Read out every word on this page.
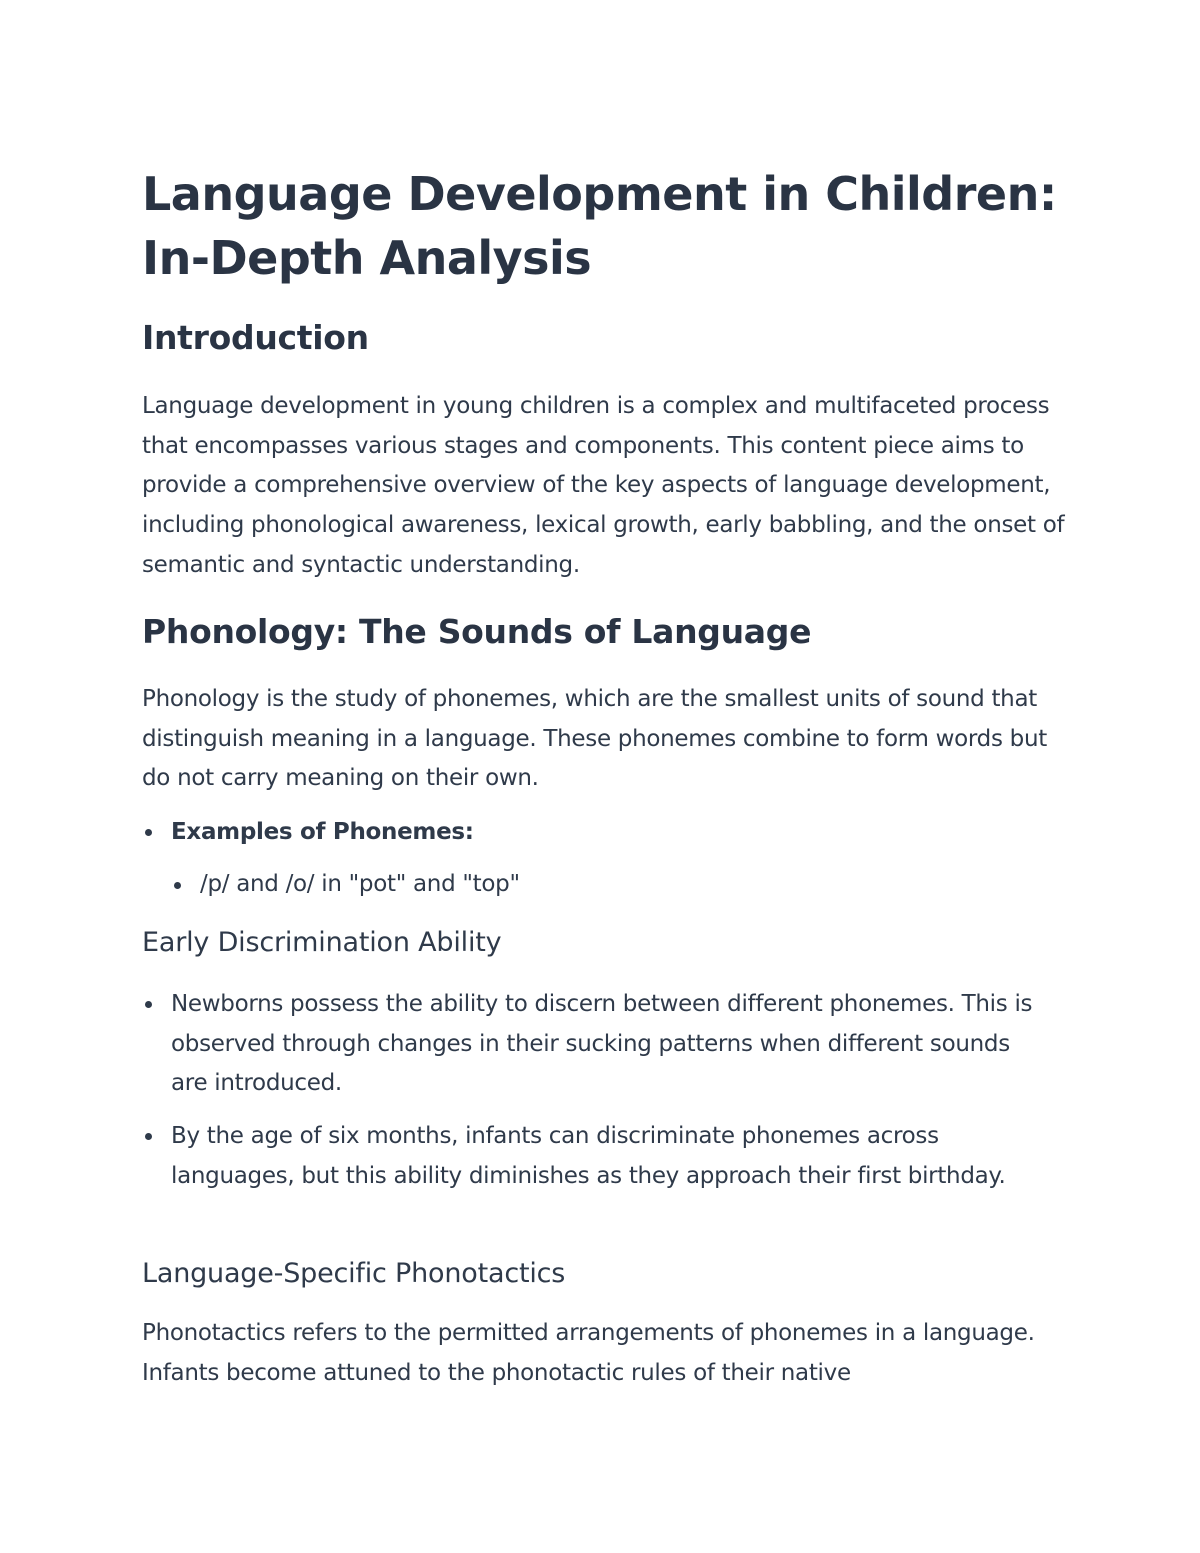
Language Development in Children: In-Depth Analysis
Introduction

Language development in young children is a complex and multifaceted process that encompasses various stages and components. This content piece aims to provide a comprehensive overview of the key aspects of language development, including phonological awareness, lexical growth, early babbling, and the onset of semantic and syntactic understanding.

Phonology: The Sounds of Language

Phonology is the study of phonemes, which are the smallest units of sound that distinguish meaning in a language. These phonemes combine to form words but do not carry meaning on their own.

Examples of Phonemes:

/p/ and /o/ in "pot" and "top"

Early Discrimination Ability

Newborns possess the ability to discern between different phonemes. This is observed through changes in their sucking patterns when different sounds are introduced.

By the age of six months, infants can discriminate phonemes across languages, but this ability diminishes as they approach their first birthday.

Language-Specific Phonotactics

Phonotactics refers to the permitted arrangements of phonemes in a language. Infants become attuned to the phonotactic rules of their native
